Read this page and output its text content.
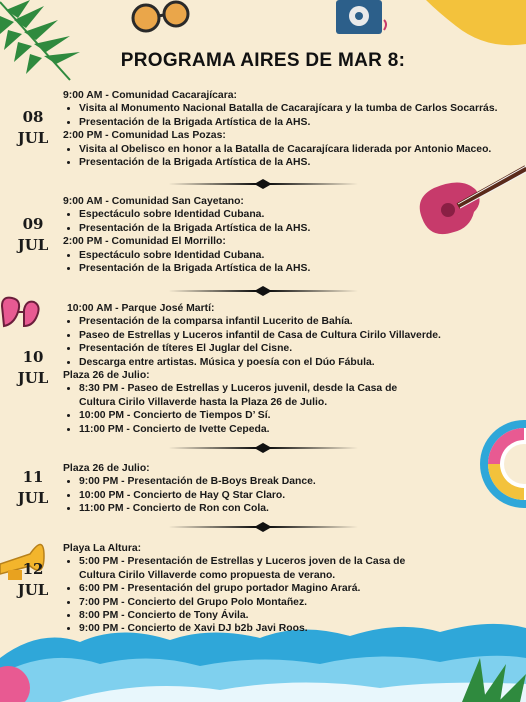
PROGRAMA AIRES DE MAR 8:
08
JUL
9:00 AM - Comunidad Cacarajícara:
• Visita al Monumento Nacional Batalla de Cacarajícara y la tumba de Carlos Socarrás.
• Presentación de la Brigada Artística de la AHS.
2:00 PM - Comunidad Las Pozas:
• Visita al Obelisco en honor a la Batalla de Cacarajícara liderada por Antonio Maceo.
• Presentación de la Brigada Artística de la AHS.
09
JUL
9:00 AM - Comunidad San Cayetano:
• Espectáculo sobre Identidad Cubana.
• Presentación de la Brigada Artística de la AHS.
2:00 PM - Comunidad El Morrillo:
• Espectáculo sobre Identidad Cubana.
• Presentación de la Brigada Artística de la AHS.
10
JUL
10:00 AM - Parque José Martí:
• Presentación de la comparsa infantil Lucerito de Bahía.
• Paseo de Estrellas y Luceros infantil de Casa de Cultura Cirilo Villaverde.
• Presentación de títeres El Juglar del Cisne.
• Descarga entre artistas. Música y poesía con el Dúo Fábula.
Plaza 26 de Julio:
• 8:30 PM - Paseo de Estrellas y Luceros juvenil, desde la Casa de Cultura Cirilo Villaverde hasta la Plaza 26 de Julio.
• 10:00 PM - Concierto de Tiempos D’ Sí.
• 11:00 PM - Concierto de Ivette Cepeda.
11
JUL
Plaza 26 de Julio:
• 9:00 PM - Presentación de B-Boys Break Dance.
• 10:00 PM - Concierto de Hay Q Star Claro.
• 11:00 PM - Concierto de Ron con Cola.
12
JUL
Playa La Altura:
• 5:00 PM - Presentación de Estrellas y Luceros joven de la Casa de Cultura Cirilo Villaverde como propuesta de verano.
• 6:00 PM - Presentación del grupo portador Magino Arará.
• 7:00 PM - Concierto del Grupo Polo Montañez.
• 8:00 PM - Concierto de Tony Ávila.
• 9:00 PM - Concierto de Xavi DJ b2b Javi Roos.
